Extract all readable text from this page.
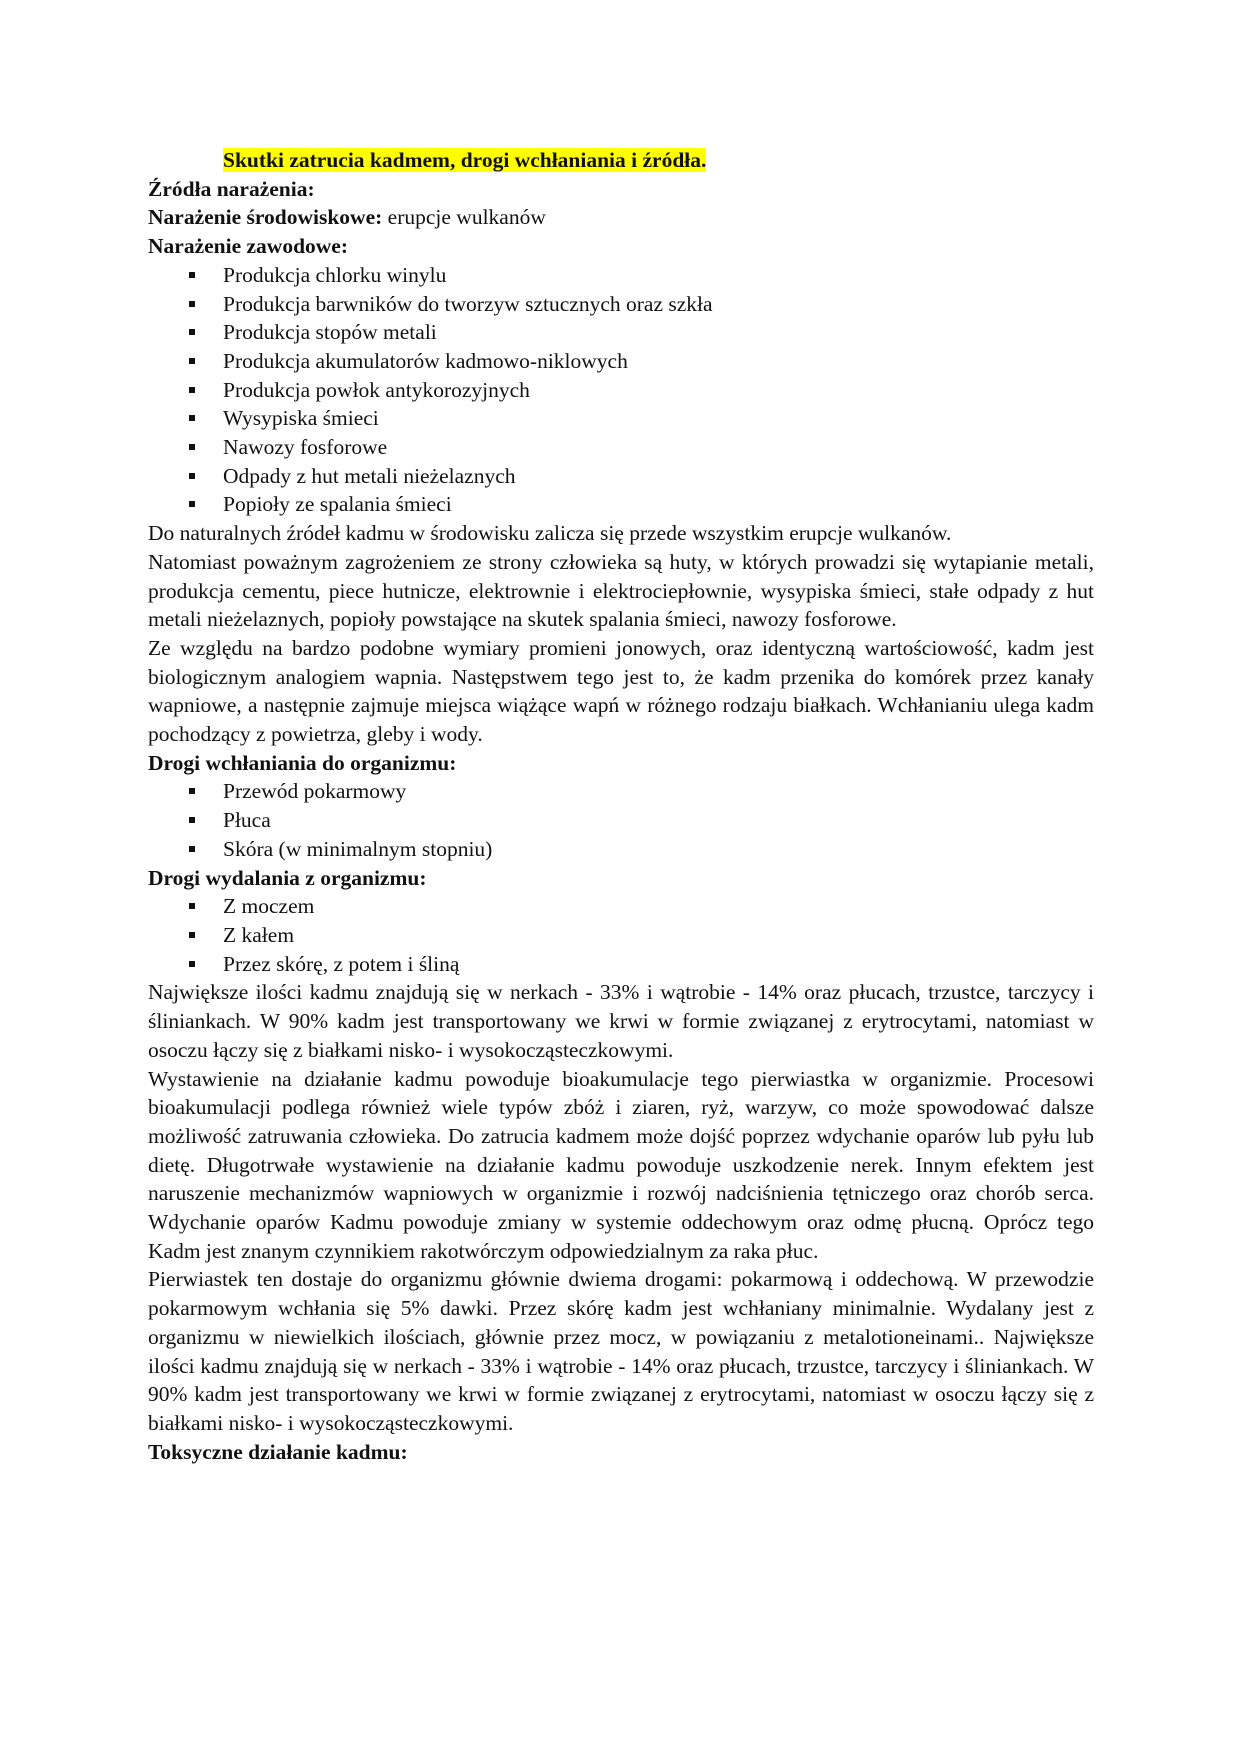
Skutki zatrucia kadmem, drogi wchłaniania i źródła.
Źródła narażenia:
Narażenie środowiskowe: erupcje wulkanów
Narażenie zawodowe:
Produkcja chlorku winylu
Produkcja barwników do tworzyw sztucznych oraz szkła
Produkcja stopów metali
Produkcja akumulatorów kadmowo-niklowych
Produkcja powłok antykorozyjnych
Wysypiska śmieci
Nawozy fosforowe
Odpady z hut metali nieżelaznych
Popioły ze spalania śmieci

Do naturalnych źródeł kadmu w środowisku zalicza się przede wszystkim erupcje wulkanów.

Natomiast poważnym zagrożeniem ze strony człowieka są huty, w których prowadzi się wytapianie metali, produkcja cementu, piece hutnicze, elektrownie i elektrociepłownie, wysypiska śmieci, stałe odpady z hut metali nieżelaznych, popioły powstające na skutek spalania śmieci, nawozy fosforowe.

Ze względu na bardzo podobne wymiary promieni jonowych, oraz identyczną wartościowość, kadm jest biologicznym analogiem wapnia. Następstwem tego jest to, że kadm przenika do komórek przez kanały wapniowe, a następnie zajmuje miejsca wiążące wapń w różnego rodzaju białkach. Wchłanianiu ulega kadm pochodzący z powietrza, gleby i wody.

Drogi wchłaniania do organizmu:
Przewód pokarmowy
Płuca
Skóra (w minimalnym stopniu)
Drogi wydalania z organizmu:
Z moczem
Z kałem
Przez skórę, z potem i śliną

Największe ilości kadmu znajdują się w nerkach - 33% i wątrobie - 14% oraz płucach, trzustce, tarczycy i śliniankach. W 90% kadm jest transportowany we krwi w formie związanej z erytrocytami, natomiast w osoczu łączy się z białkami nisko- i wysokocząsteczkowymi.

Wystawienie na działanie kadmu powoduje bioakumulacje tego pierwiastka w organizmie. Procesowi bioakumulacji podlega również wiele typów zbóż i ziaren, ryż, warzyw, co może spowodować dalsze możliwość zatruwania człowieka. Do zatrucia kadmem może dojść poprzez wdychanie oparów lub pyłu lub dietę. Długotrwałe wystawienie na działanie kadmu powoduje uszkodzenie nerek. Innym efektem jest naruszenie mechanizmów wapniowych w organizmie i rozwój nadciśnienia tętniczego oraz chorób serca. Wdychanie oparów Kadmu powoduje zmiany w systemie oddechowym oraz odmę płucną. Oprócz tego Kadm jest znanym czynnikiem rakotwórczym odpowiedzialnym za raka płuc.

Pierwiastek ten dostaje do organizmu głównie dwiema drogami: pokarmową i oddechową. W przewodzie pokarmowym wchłania się 5% dawki. Przez skórę kadm jest wchłaniany minimalnie. Wydalany jest z organizmu w niewielkich ilościach, głównie przez mocz, w powiązaniu z metalotioneinami.. Największe ilości kadmu znajdują się w nerkach - 33% i wątrobie - 14% oraz płucach, trzustce, tarczycy i śliniankach. W 90% kadm jest transportowany we krwi w formie związanej z erytrocytami, natomiast w osoczu łączy się z białkami nisko- i wysokocząsteczkowymi.

Toksyczne działanie kadmu:
